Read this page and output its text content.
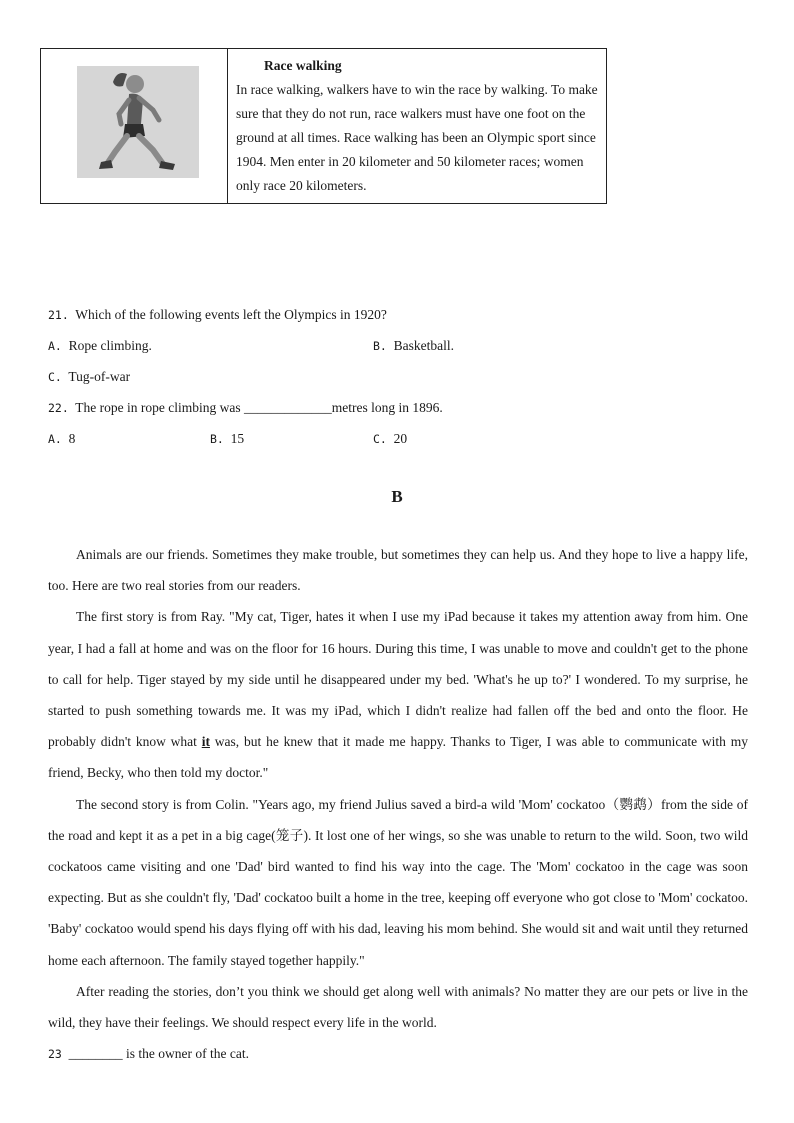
Race walking
In race walking, walkers have to win the race by walking. To make sure that they do not run, race walkers must have one foot on the ground at all times. Race walking has been an Olympic sport since 1904. Men enter in 20 kilometer and 50 kilometer races; women only race 20 kilometers.
21. Which of the following events left the Olympics in 1920?
A. Rope climbing.	B. Basketball.
C. Tug-of-war
22. The rope in rope climbing was _____________metres long in 1896.
A. 8	B. 15	C. 20
B

Animals are our friends. Sometimes they make trouble, but sometimes they can help us. And they hope to live a happy life, too. Here are two real stories from our readers.

The first story is from Ray. "My cat, Tiger, hates it when I use my iPad because it takes my attention away from him. One year, I had a fall at home and was on the floor for 16 hours. During this time, I was unable to move and couldn't get to the phone to call for help. Tiger stayed by my side until he disappeared under my bed. 'What's he up to?' I wondered. To my surprise, he started to push something towards me. It was my iPad, which I didn't realize had fallen off the bed and onto the floor. He probably didn't know what it was, but he knew that it made me happy. Thanks to Tiger, I was able to communicate with my friend, Becky, who then told my doctor."

The second story is from Colin. "Years ago, my friend Julius saved a bird-a wild 'Mom' cockatoo（鹦鹉）from the side of the road and kept it as a pet in a big cage(笼子). It lost one of her wings, so she was unable to return to the wild. Soon, two wild cockatoos came visiting and one 'Dad' bird wanted to find his way into the cage. The 'Mom' cockatoo in the cage was soon expecting. But as she couldn't fly, 'Dad' cockatoo built a home in the tree, keeping off everyone who got close to 'Mom' cockatoo. 'Baby' cockatoo would spend his days flying off with his dad, leaving his mom behind. She would sit and wait until they returned home each afternoon. The family stayed together happily."

After reading the stories, don’t you think we should get along well with animals? No matter they are our pets or live in the wild, they have their feelings. We should respect every life in the world.

23 ________ is the owner of the cat.
